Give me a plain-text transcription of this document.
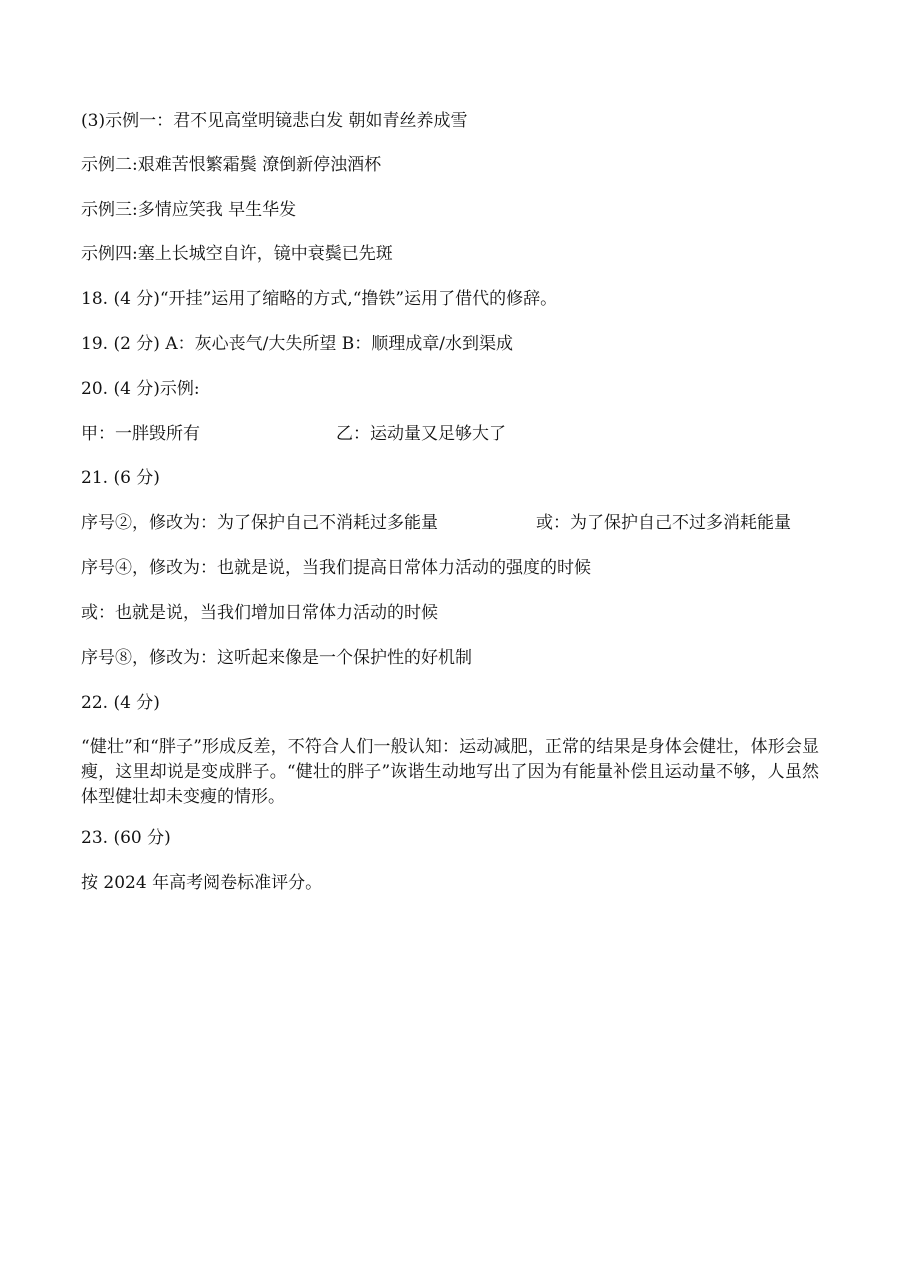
(3)示例一：君不见高堂明镜悲白发 朝如青丝养成雪
示例二:艰难苦恨繁霜鬓 潦倒新停浊酒杯
示例三:多情应笑我 早生华发
示例四:塞上长城空自许，镜中衰鬓已先斑
18. (4 分)“开挂”运用了缩略的方式,“撸铁”运用了借代的修辞。
19. (2 分) A：灰心丧气/大失所望 B：顺理成章/水到渠成
20. (4 分)示例:
甲：一胖毁所有	乙：运动量又足够大了
21. (6 分)
序号②，修改为：为了保护自己不消耗过多能量	或：为了保护自己不过多消耗能量
序号④，修改为：也就是说，当我们提高日常体力活动的强度的时候
或：也就是说，当我们增加日常体力活动的时候
序号⑧，修改为：这听起来像是一个保护性的好机制
22. (4 分)
“健壮”和“胖子”形成反差，不符合人们一般认知：运动减肥，正常的结果是身体会健壮，体形会显瘦，这里却说是变成胖子。“健壮的胖子”诙谐生动地写出了因为有能量补偿且运动量不够，人虽然体型健壮却未变瘦的情形。
23. (60 分)
按 2024 年高考阅卷标准评分。
